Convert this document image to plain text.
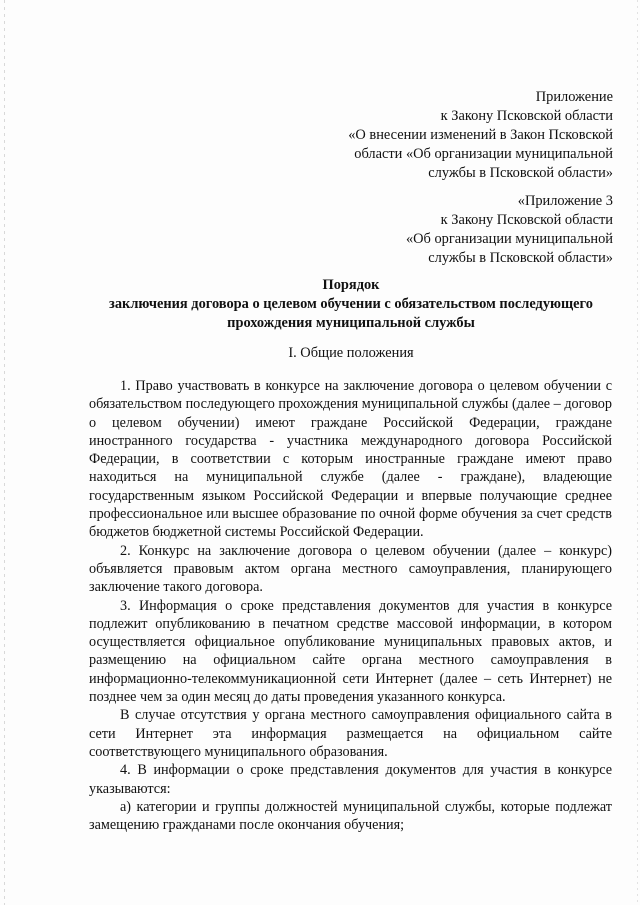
Приложение
к Закону Псковской области
«О внесении изменений в Закон Псковской
области «Об организации муниципальной
службы в Псковской области»
«Приложение 3
к Закону Псковской области
«Об организации муниципальной
службы в Псковской области»
Порядок
заключения договора о целевом обучении с обязательством последующего
прохождения муниципальной службы
I. Общие положения

1. Право участвовать в конкурсе на заключение договора о целевом обучении с обязательством последующего прохождения муниципальной службы (далее – договор о целевом обучении) имеют граждане Российской Федерации, граждане иностранного государства - участника международного договора Российской Федерации, в соответствии с которым иностранные граждане имеют право находиться на муниципальной службе (далее - граждане), владеющие государственным языком Российской Федерации и впервые получающие среднее профессиональное или высшее образование по очной форме обучения за счет средств бюджетов бюджетной системы Российской Федерации.

2. Конкурс на заключение договора о целевом обучении (далее – конкурс) объявляется правовым актом органа местного самоуправления, планирующего заключение такого договора.

3. Информация о сроке представления документов для участия в конкурсе подлежит опубликованию в печатном средстве массовой информации, в котором осуществляется официальное опубликование муниципальных правовых актов, и размещению на официальном сайте органа местного самоуправления в информационно-телекоммуникационной сети Интернет (далее – сеть Интернет) не позднее чем за один месяц до даты проведения указанного конкурса.

В случае отсутствия у органа местного самоуправления официального сайта в сети Интернет эта информация размещается на официальном сайте соответствующего муниципального образования.

4. В информации о сроке представления документов для участия в конкурсе указываются:

а) категории и группы должностей муниципальной службы, которые подлежат замещению гражданами после окончания обучения;
